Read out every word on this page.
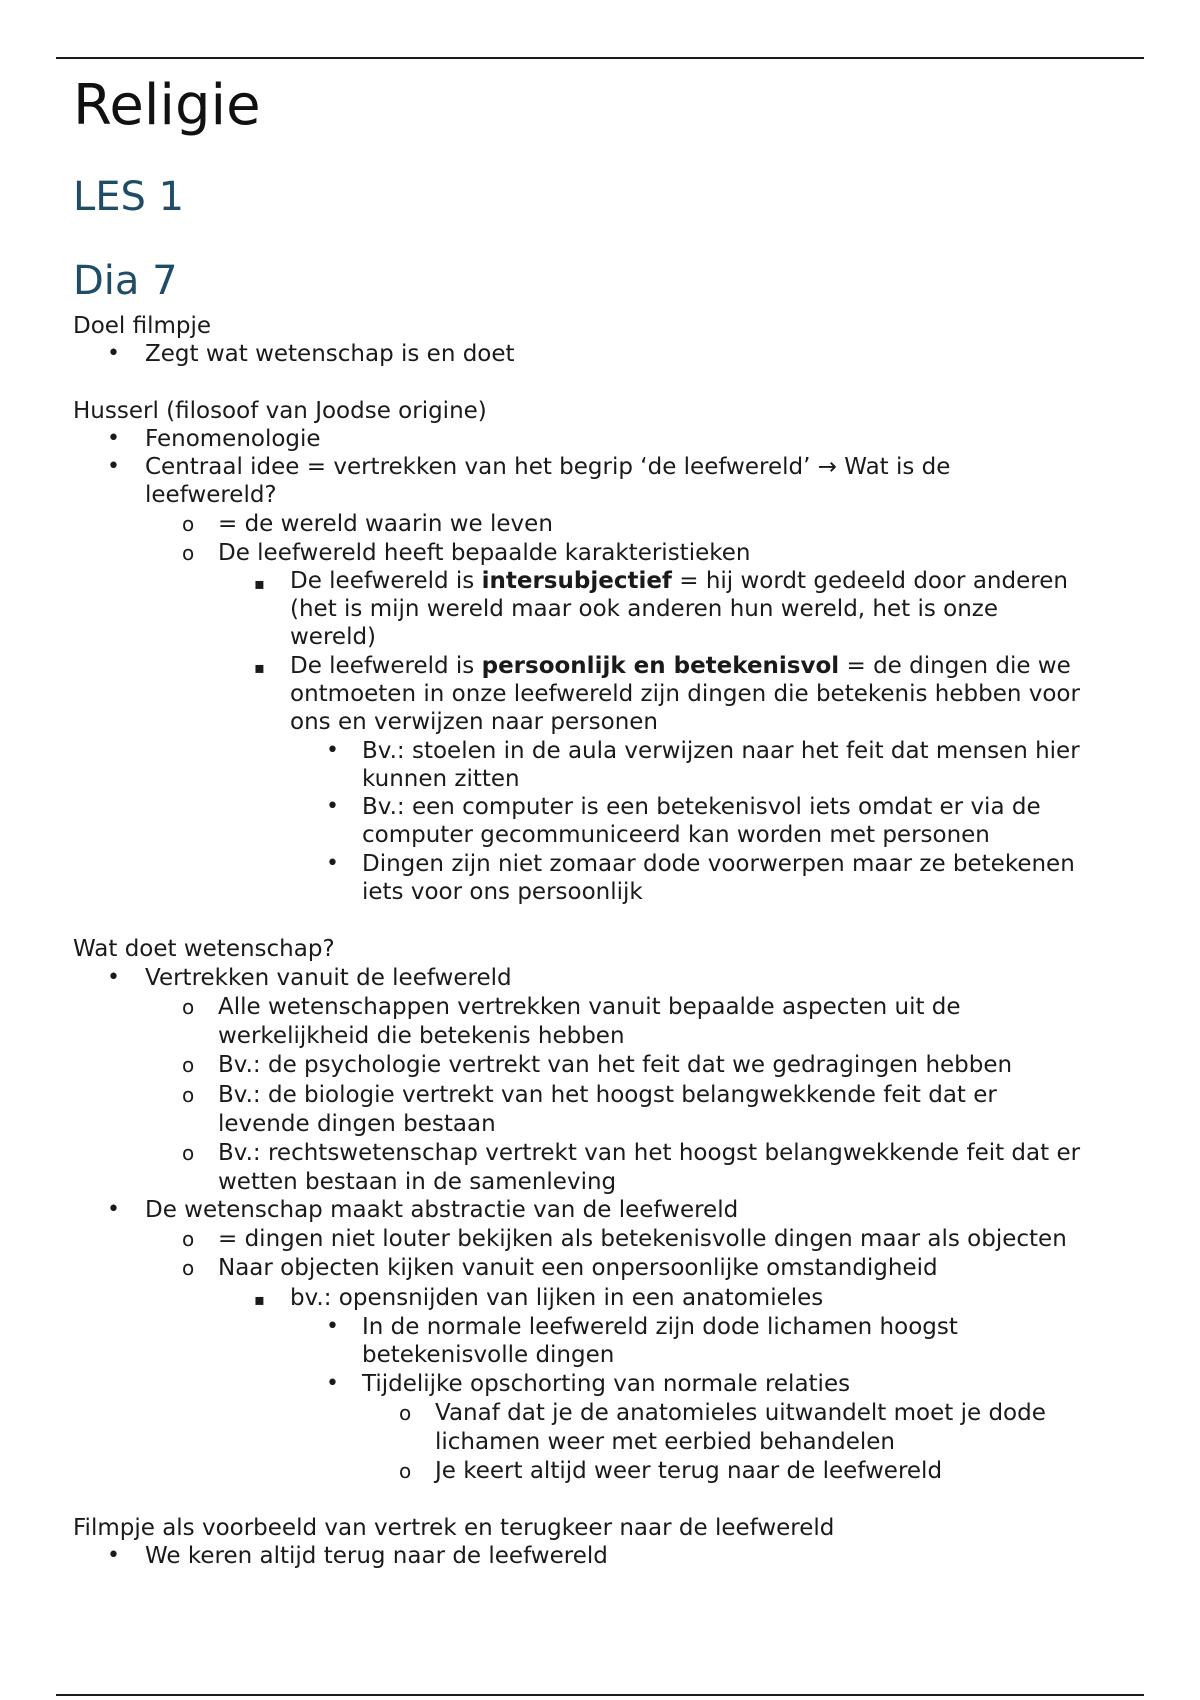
Religie
LES 1
Dia 7

Doel filmpje

• Zegt wat wetenschap is en doet

Husserl (filosoof van Joodse origine)

• Fenomenologie

• Centraal idee = vertrekken van het begrip ‘de leefwereld’ → Wat is de

leefwereld?

o = de wereld waarin we leven

o De leefwereld heeft bepaalde karakteristieken

▪ De leefwereld is intersubjectief = hij wordt gedeeld door anderen

(het is mijn wereld maar ook anderen hun wereld, het is onze

wereld)

▪ De leefwereld is persoonlijk en betekenisvol = de dingen die we

ontmoeten in onze leefwereld zijn dingen die betekenis hebben voor

ons en verwijzen naar personen

• Bv.: stoelen in de aula verwijzen naar het feit dat mensen hier

kunnen zitten

• Bv.: een computer is een betekenisvol iets omdat er via de

computer gecommuniceerd kan worden met personen

• Dingen zijn niet zomaar dode voorwerpen maar ze betekenen

iets voor ons persoonlijk

Wat doet wetenschap?

• Vertrekken vanuit de leefwereld

o Alle wetenschappen vertrekken vanuit bepaalde aspecten uit de

werkelijkheid die betekenis hebben

o Bv.: de psychologie vertrekt van het feit dat we gedragingen hebben

o Bv.: de biologie vertrekt van het hoogst belangwekkende feit dat er

levende dingen bestaan

o Bv.: rechtswetenschap vertrekt van het hoogst belangwekkende feit dat er

wetten bestaan in de samenleving

• De wetenschap maakt abstractie van de leefwereld

o = dingen niet louter bekijken als betekenisvolle dingen maar als objecten

o Naar objecten kijken vanuit een onpersoonlijke omstandigheid

▪ bv.: opensnijden van lijken in een anatomieles

• In de normale leefwereld zijn dode lichamen hoogst

betekenisvolle dingen

• Tijdelijke opschorting van normale relaties

o Vanaf dat je de anatomieles uitwandelt moet je dode

lichamen weer met eerbied behandelen

o Je keert altijd weer terug naar de leefwereld

Filmpje als voorbeeld van vertrek en terugkeer naar de leefwereld

• We keren altijd terug naar de leefwereld
